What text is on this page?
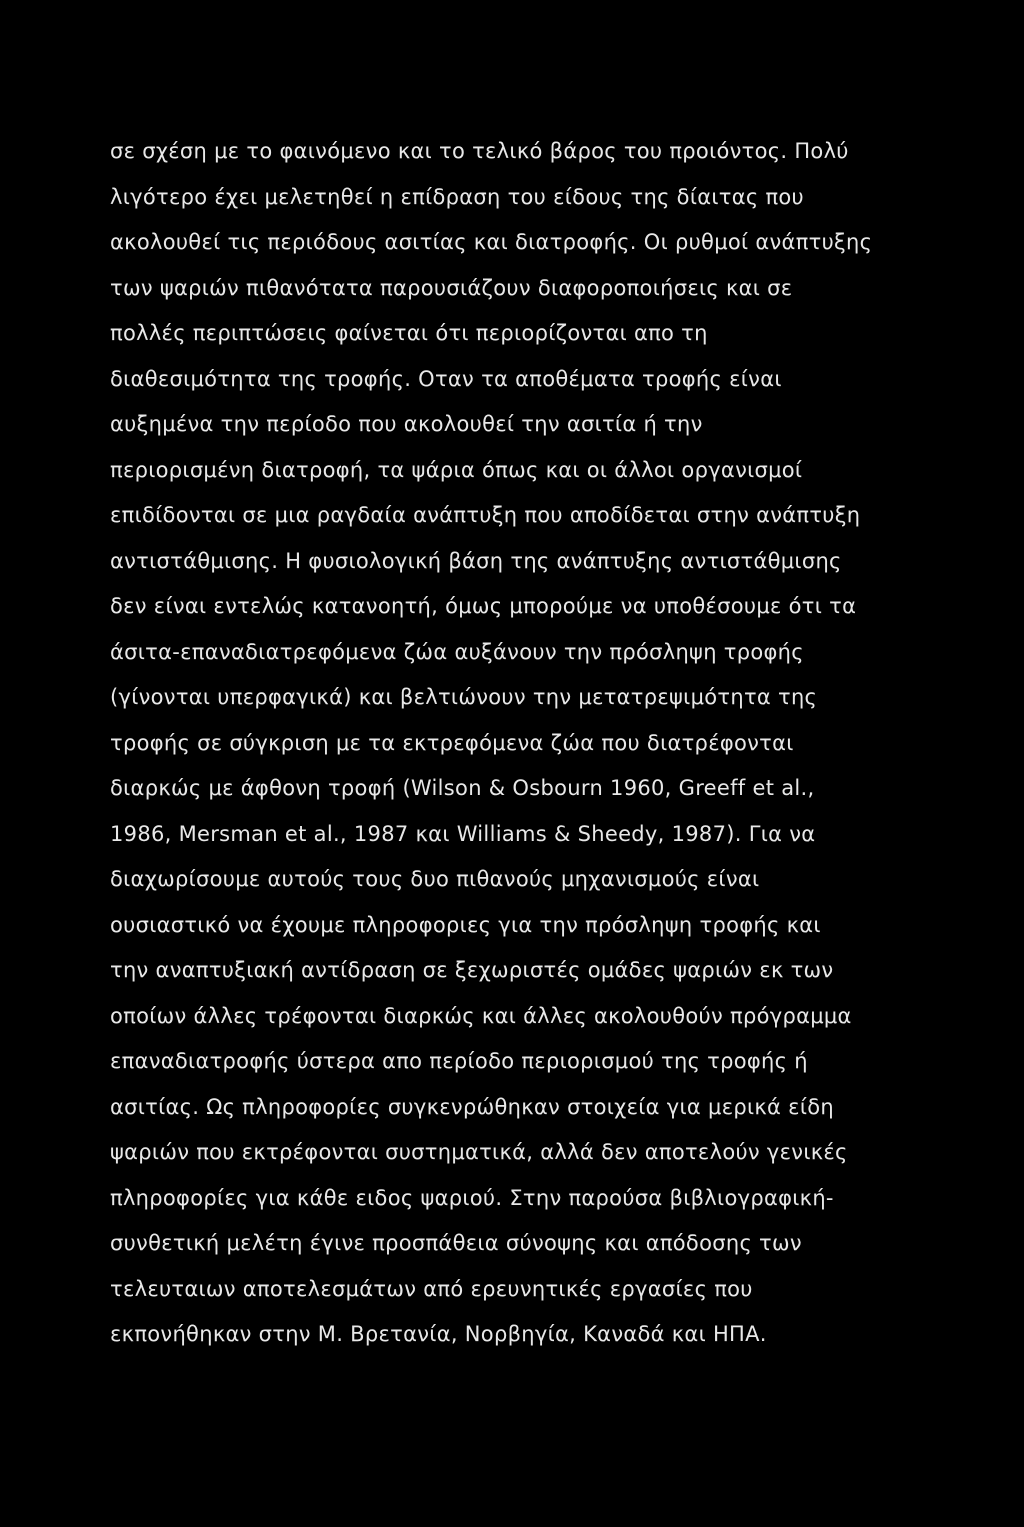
σε σχέση με το φαινόμενο και το τελικό βάρος του προιόντος. Πολύ
λιγότερο έχει μελετηθεί η επίδραση του είδους της δίαιτας που
ακολουθεί τις περιόδους ασιτίας και διατροφής. Οι ρυθμοί ανάπτυξης
των ψαριών πιθανότατα παρουσιάζουν διαφοροποιήσεις και σε
πολλές περιπτώσεις φαίνεται ότι περιορίζονται απο τη
διαθεσιμότητα της τροφής. Οταν τα αποθέματα τροφής είναι
αυξημένα την περίοδο που ακολουθεί την ασιτία ή την
περιορισμένη διατροφή, τα ψάρια όπως και οι άλλοι οργανισμοί
επιδίδονται σε μια ραγδαία ανάπτυξη που αποδίδεται στην ανάπτυξη
αντιστάθμισης. Η φυσιολογική βάση της ανάπτυξης αντιστάθμισης
δεν είναι εντελώς κατανοητή, όμως μπορούμε να υποθέσουμε ότι τα
άσιτα-επαναδιατρεφόμενα ζώα αυξάνουν την πρόσληψη τροφής
(γίνονται υπερφαγικά) και βελτιώνουν την μετατρεψιμότητα της
τροφής σε σύγκριση με τα εκτρεφόμενα ζώα που διατρέφονται
διαρκώς με άφθονη τροφή (Wilson & Osbourn 1960, Greeff et al.,
1986, Mersman et al., 1987 και Williams & Sheedy, 1987). Για να
διαχωρίσουμε αυτούς τους δυο πιθανούς μηχανισμούς είναι
ουσιαστικό να έχουμε πληροφοριες για την πρόσληψη τροφής και
την αναπτυξιακή αντίδραση σε ξεχωριστές ομάδες ψαριών εκ των
οποίων άλλες τρέφονται διαρκώς και άλλες ακολουθούν πρόγραμμα
επαναδιατροφής ύστερα απο περίοδο περιορισμού της τροφής ή
ασιτίας. Ως πληροφορίες συγκενρώθηκαν στοιχεία για μερικά είδη
ψαριών που εκτρέφονται συστηματικά, αλλά δεν αποτελούν γενικές
πληροφορίες για κάθε ειδος ψαριού. Στην παρούσα βιβλιογραφική-
συνθετική μελέτη έγινε προσπάθεια σύνοψης και απόδοσης των
τελευταιων αποτελεσμάτων από ερευνητικές εργασίες που
εκπονήθηκαν στην Μ. Βρετανία, Νορβηγία, Καναδά και ΗΠΑ.
